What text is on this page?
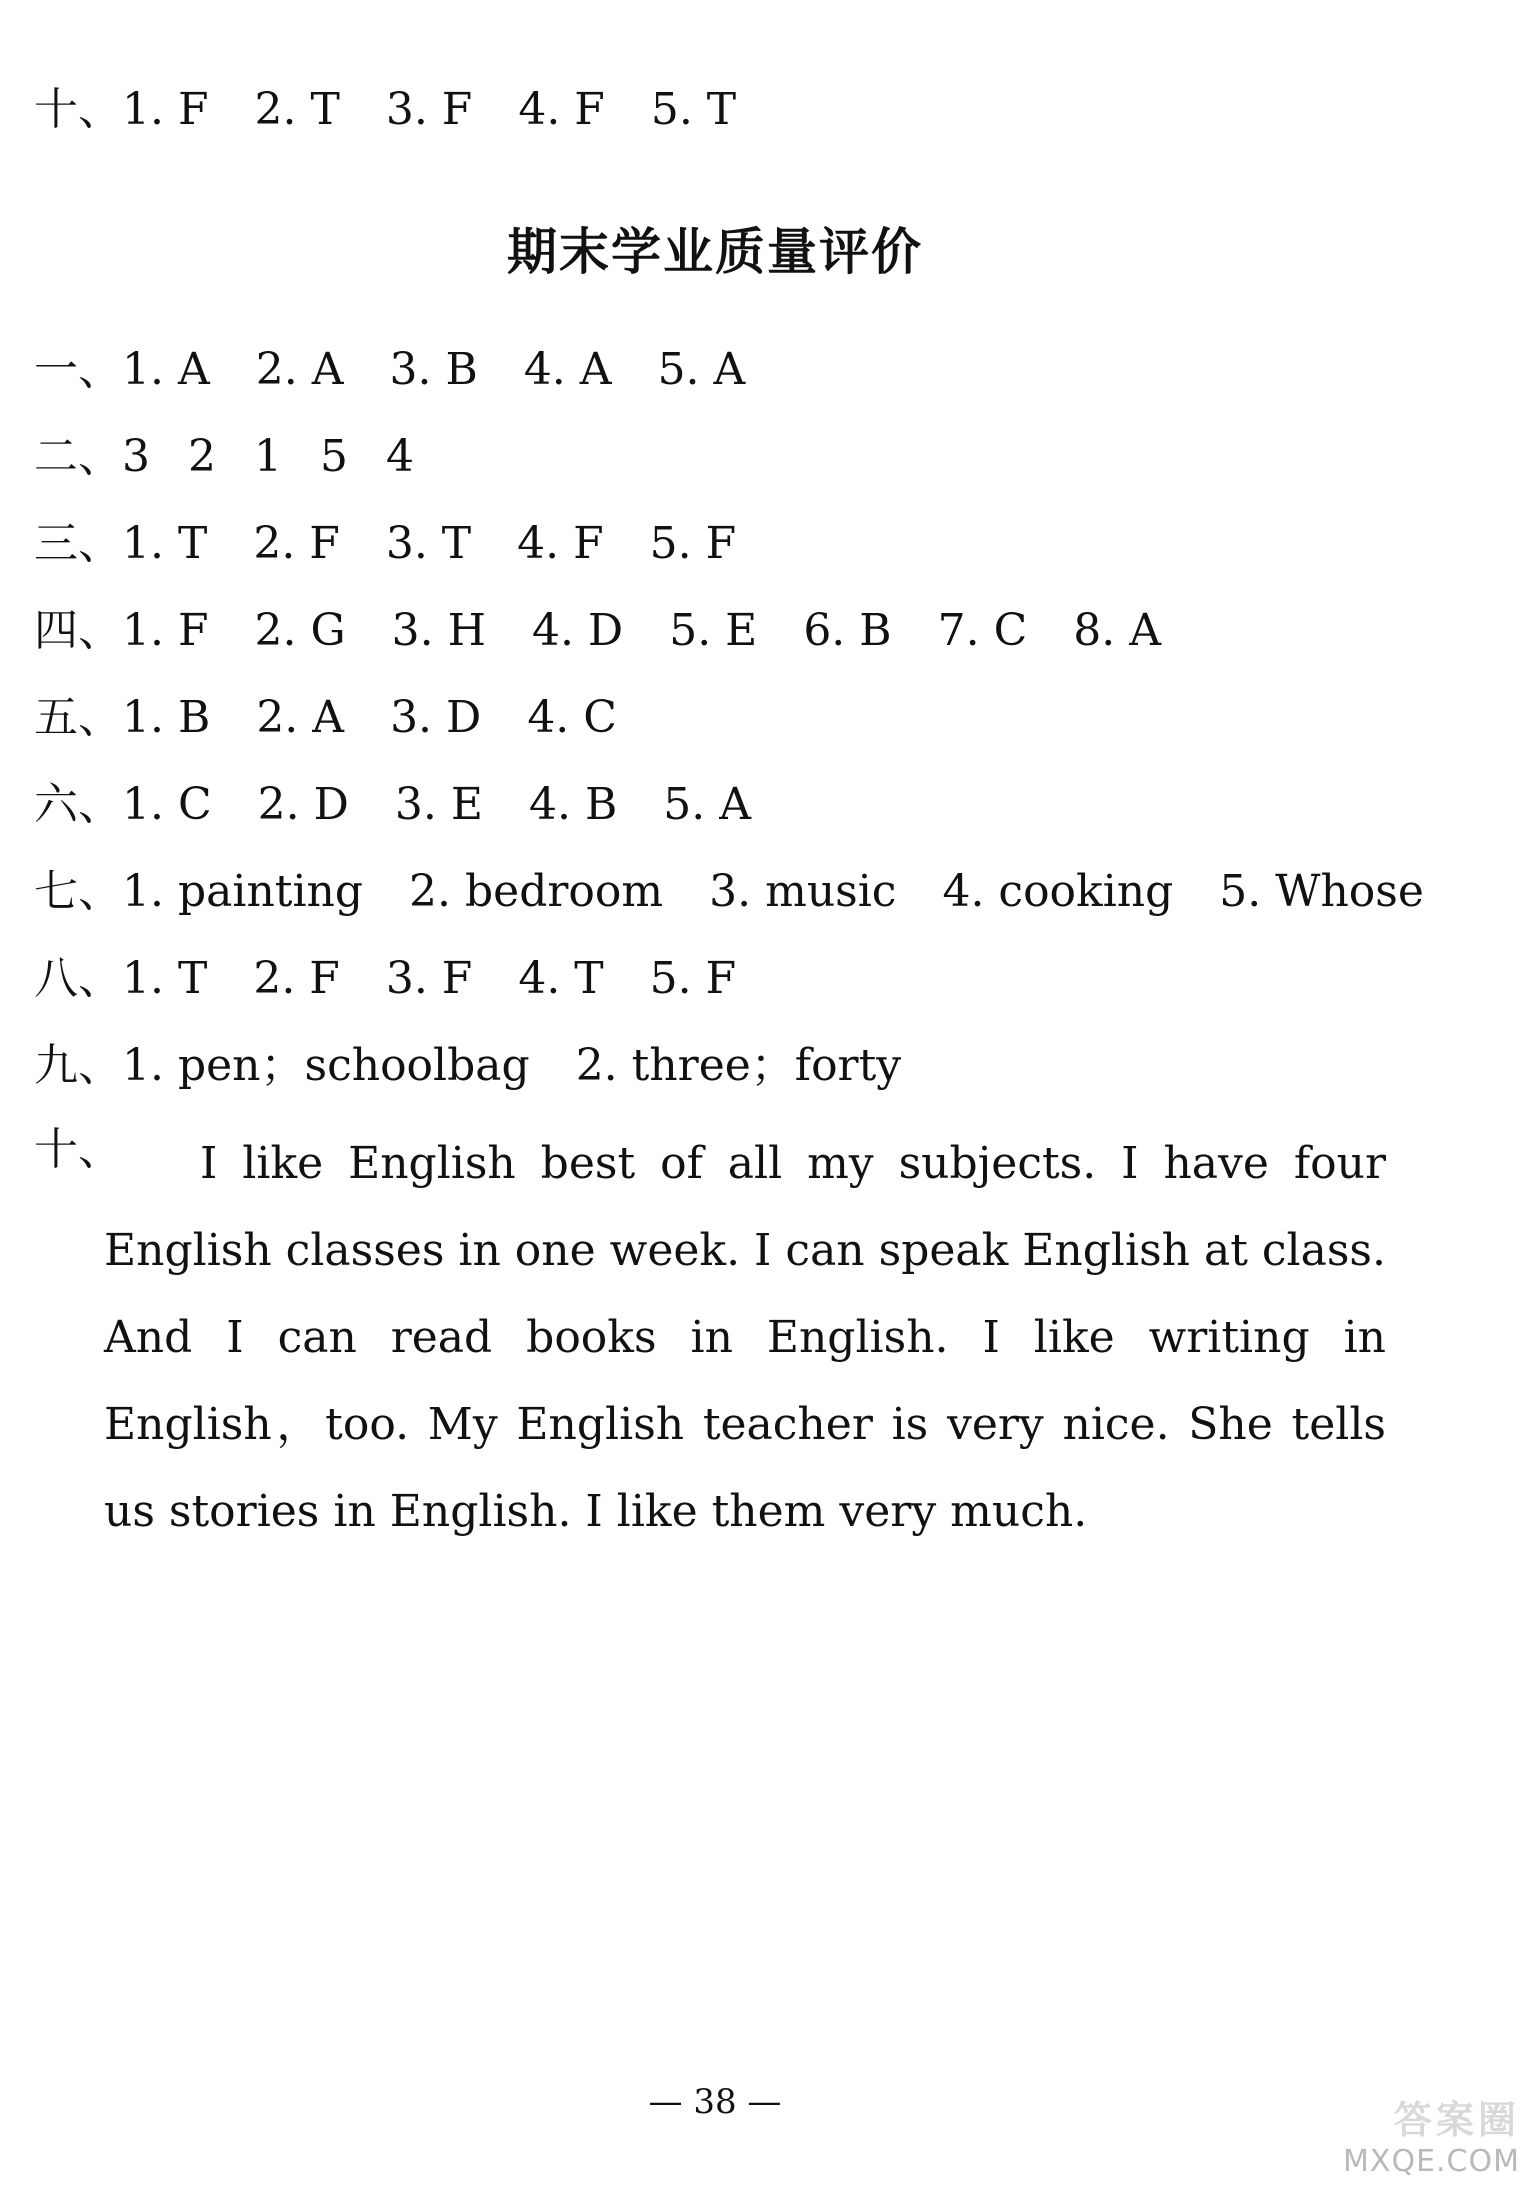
十、1. F 2. T 3. F 4. F 5. T
期末学业质量评价
一、1. A 2. A 3. B 4. A 5. A
二、3 2 1 5 4
三、1. T 2. F 3. T 4. F 5. F
四、1. F 2. G 3. H 4. D 5. E 6. B 7. C 8. A
五、1. B 2. A 3. D 4. C
六、1. C 2. D 3. E 4. B 5. A
七、1. painting 2. bedroom 3. music 4. cooking 5. Whose
八、1. T 2. F 3. F 4. T 5. F
九、1. pen；schoolbag 2. three；forty
十、	I like English best of all my subjects. I have four English classes in one week. I can speak English at class. And I can read books in English. I like writing in English，too. My English teacher is very nice. She tells us stories in English. I like them very much.

— 38 —	答案圈
MXQE.COM
